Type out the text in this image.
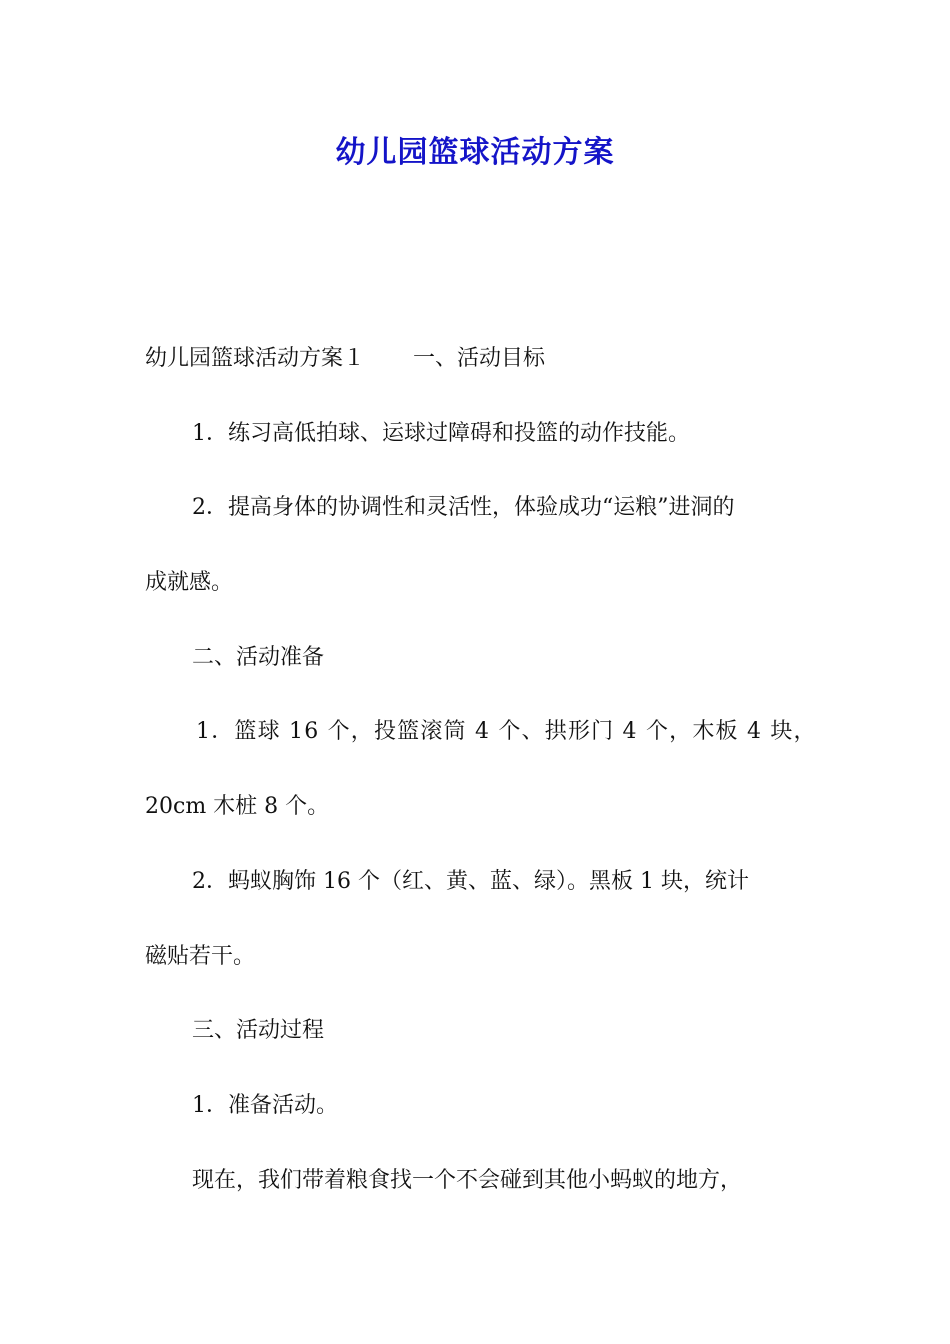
幼儿园篮球活动方案
幼儿园篮球活动方案１ 一、活动目标
1．练习高低拍球、运球过障碍和投篮的动作技能。
2．提高身体的协调性和灵活性，体验成功“运粮”进洞的
成就感。
二、活动准备
1．篮球 16 个，投篮滚筒 4 个、拱形门 4 个，木板 4 块，
20cm 木桩 8 个。
2．蚂蚁胸饰 16 个（红、黄、蓝、绿）。黑板 1 块，统计
磁贴若干。
三、活动过程
1．准备活动。
现在，我们带着粮食找一个不会碰到其他小蚂蚁的地方，
